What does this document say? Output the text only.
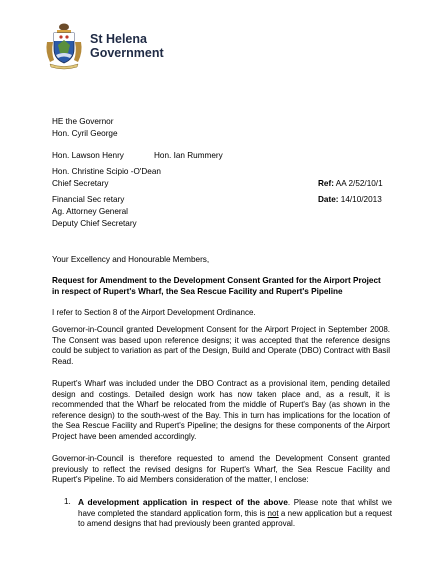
St Helena
Government
HE the Governor
Hon. Cyril George
Hon. Lawson Henry	Hon. Ian Rummery
Hon. Christine Scipio -O'Dean
Chief Secretary
Financial Sec retary
Ag. Attorney General
Deputy Chief Secretary
Ref: AA 2/52/10/1
Date: 14/10/2013
Your Excellency and Honourable Members,
Request for Amendment to the Development Consent Granted for the Airport Project
in respect of Rupert's Wharf, the Sea Rescue Facility and Rupert's Pipeline
I refer to Section 8 of the Airport Development Ordinance.
Governor-in-Council granted Development Consent for the Airport Project in September 2008. The Consent was based upon reference designs; it was accepted that the reference designs could be subject to variation as part of the Design, Build and Operate (DBO) Contract with Basil Read.
Rupert's Wharf was included under the DBO Contract as a provisional item, pending detailed design and costings. Detailed design work has now taken place and, as a result, it is recommended that the Wharf be relocated from the middle of Rupert's Bay (as shown in the reference design) to the south-west of the Bay. This in turn has implications for the location of the Sea Rescue Facility and Rupert's Pipeline; the designs for these components of the Airport Project have been amended accordingly.
Governor-in-Council is therefore requested to amend the Development Consent granted previously to reflect the revised designs for Rupert's Wharf, the Sea Rescue Facility and Rupert's Pipeline. To aid Members consideration of the matter, I enclose:
1. A development application in respect of the above. Please note that whilst we have completed the standard application form, this is not a new application but a request to amend designs that had previously been granted approval.
